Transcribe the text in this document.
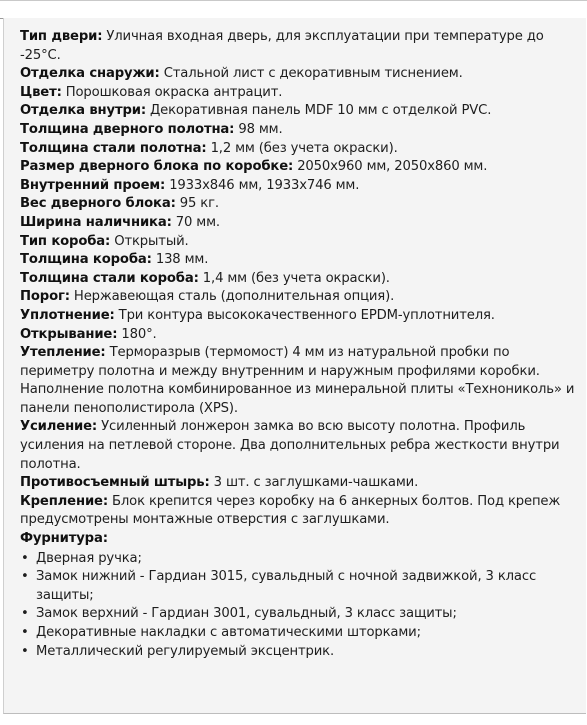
Тип двери: Уличная входная дверь, для эксплуатации при температуре до -25°С.

Отделка снаружи: Стальной лист с декоративным тиснением.

Цвет: Порошковая окраска антрацит.

Отделка внутри: Декоративная панель MDF 10 мм с отделкой PVC.

Толщина дверного полотна: 98 мм.

Толщина стали полотна: 1,2 мм (без учета окраски).

Размер дверного блока по коробке: 2050х960 мм, 2050х860 мм.

Внутренний проем: 1933х846 мм, 1933х746 мм.

Вес дверного блока: 95 кг.

Ширина наличника: 70 мм.

Тип короба: Открытый.

Толщина короба: 138 мм.

Толщина стали короба: 1,4 мм (без учета окраски).

Порог: Нержавеющая сталь (дополнительная опция).

Уплотнение: Три контура высококачественного EPDM-уплотнителя.

Открывание: 180°.

Утепление: Терморазрыв (термомост) 4 мм из натуральной пробки по периметру полотна и между внутренним и наружным профилями коробки. Наполнение полотна комбинированное из минеральной плиты «Технониколь» и панели пенополистирола (XPS).

Усиление: Усиленный лонжерон замка во всю высоту полотна. Профиль усиления на петлевой стороне. Два дополнительных ребра жесткости внутри полотна.

Противосъемный штырь: 3 шт. с заглушками-чашками.

Крепление: Блок крепится через коробку на 6 анкерных болтов. Под крепеж предусмотрены монтажные отверстия с заглушками.

Фурнитура:

• Дверная ручка;
• Замок нижний - Гардиан 3015, сувальдный с ночной задвижкой, 3 класс защиты;
• Замок верхний - Гардиан 3001, сувальдный, 3 класс защиты;
• Декоративные накладки с автоматическими шторками;
• Металлический регулируемый эксцентрик.
